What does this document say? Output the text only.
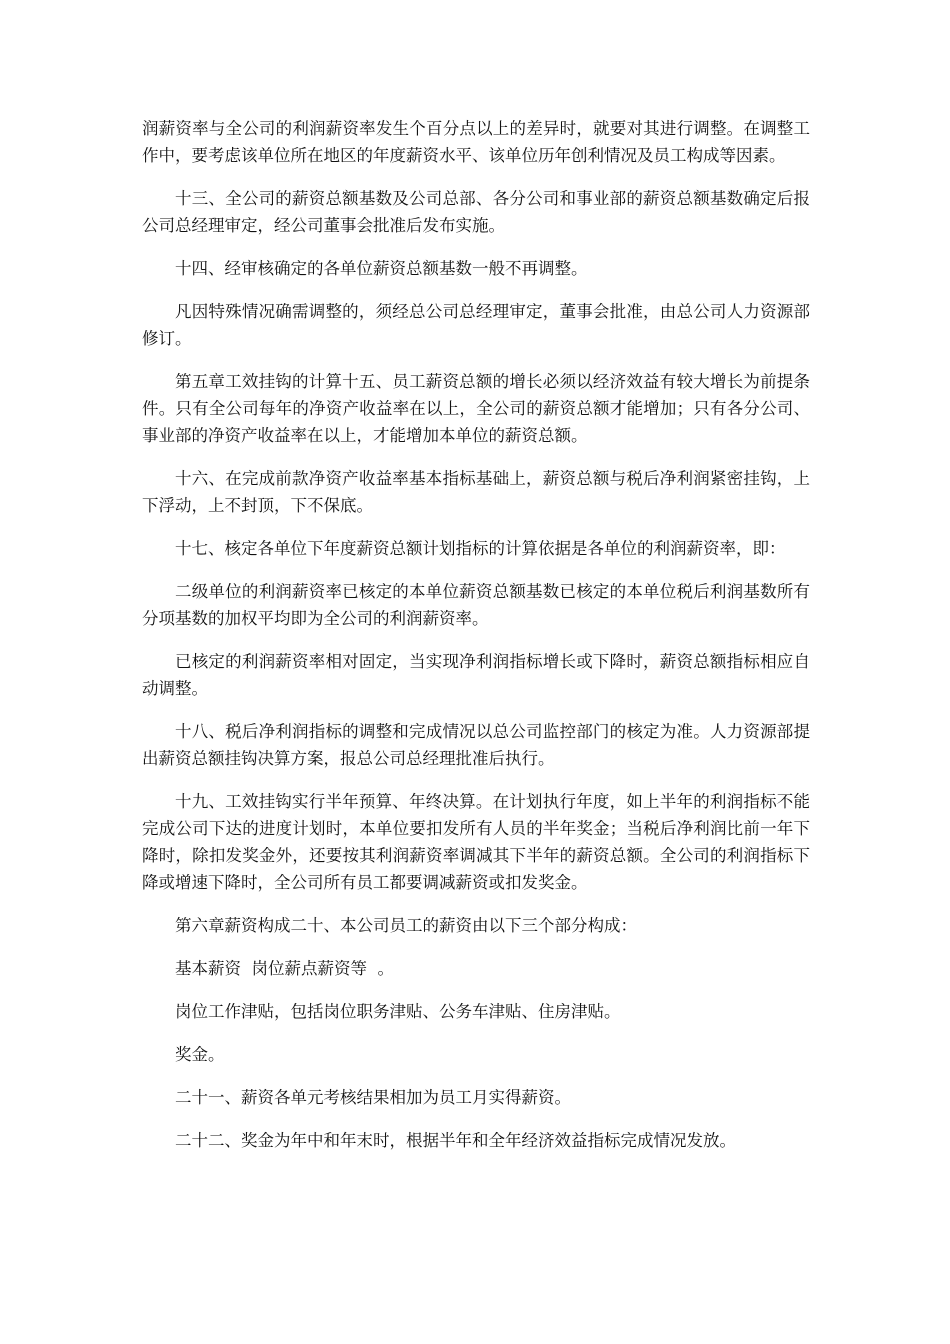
润薪资率与全公司的利润薪资率发生个百分点以上的差异时，就要对其进行调整。在调整工作中，要考虑该单位所在地区的年度薪资水平、该单位历年创利情况及员工构成等因素。

十三、全公司的薪资总额基数及公司总部、各分公司和事业部的薪资总额基数确定后报公司总经理审定，经公司董事会批准后发布实施。

十四、经审核确定的各单位薪资总额基数一般不再调整。

凡因特殊情况确需调整的，须经总公司总经理审定，董事会批准，由总公司人力资源部修订。

第五章工效挂钩的计算十五、员工薪资总额的增长必须以经济效益有较大增长为前提条件。只有全公司每年的净资产收益率在以上，全公司的薪资总额才能增加；只有各分公司、事业部的净资产收益率在以上，才能增加本单位的薪资总额。

十六、在完成前款净资产收益率基本指标基础上，薪资总额与税后净利润紧密挂钩，上下浮动，上不封顶，下不保底。

十七、核定各单位下年度薪资总额计划指标的计算依据是各单位的利润薪资率，即：

二级单位的利润薪资率已核定的本单位薪资总额基数已核定的本单位税后利润基数所有分项基数的加权平均即为全公司的利润薪资率。

已核定的利润薪资率相对固定，当实现净利润指标增长或下降时，薪资总额指标相应自动调整。

十八、税后净利润指标的调整和完成情况以总公司监控部门的核定为准。人力资源部提出薪资总额挂钩决算方案，报总公司总经理批准后执行。

十九、工效挂钩实行半年预算、年终决算。在计划执行年度，如上半年的利润指标不能完成公司下达的进度计划时，本单位要扣发所有人员的半年奖金；当税后净利润比前一年下降时，除扣发奖金外，还要按其利润薪资率调减其下半年的薪资总额。全公司的利润指标下降或增速下降时，全公司所有员工都要调减薪资或扣发奖金。

第六章薪资构成二十、本公司员工的薪资由以下三个部分构成：

基本薪资  岗位薪点薪资等  。

岗位工作津贴，包括岗位职务津贴、公务车津贴、住房津贴。

奖金。

二十一、薪资各单元考核结果相加为员工月实得薪资。

二十二、奖金为年中和年末时，根据半年和全年经济效益指标完成情况发放。
